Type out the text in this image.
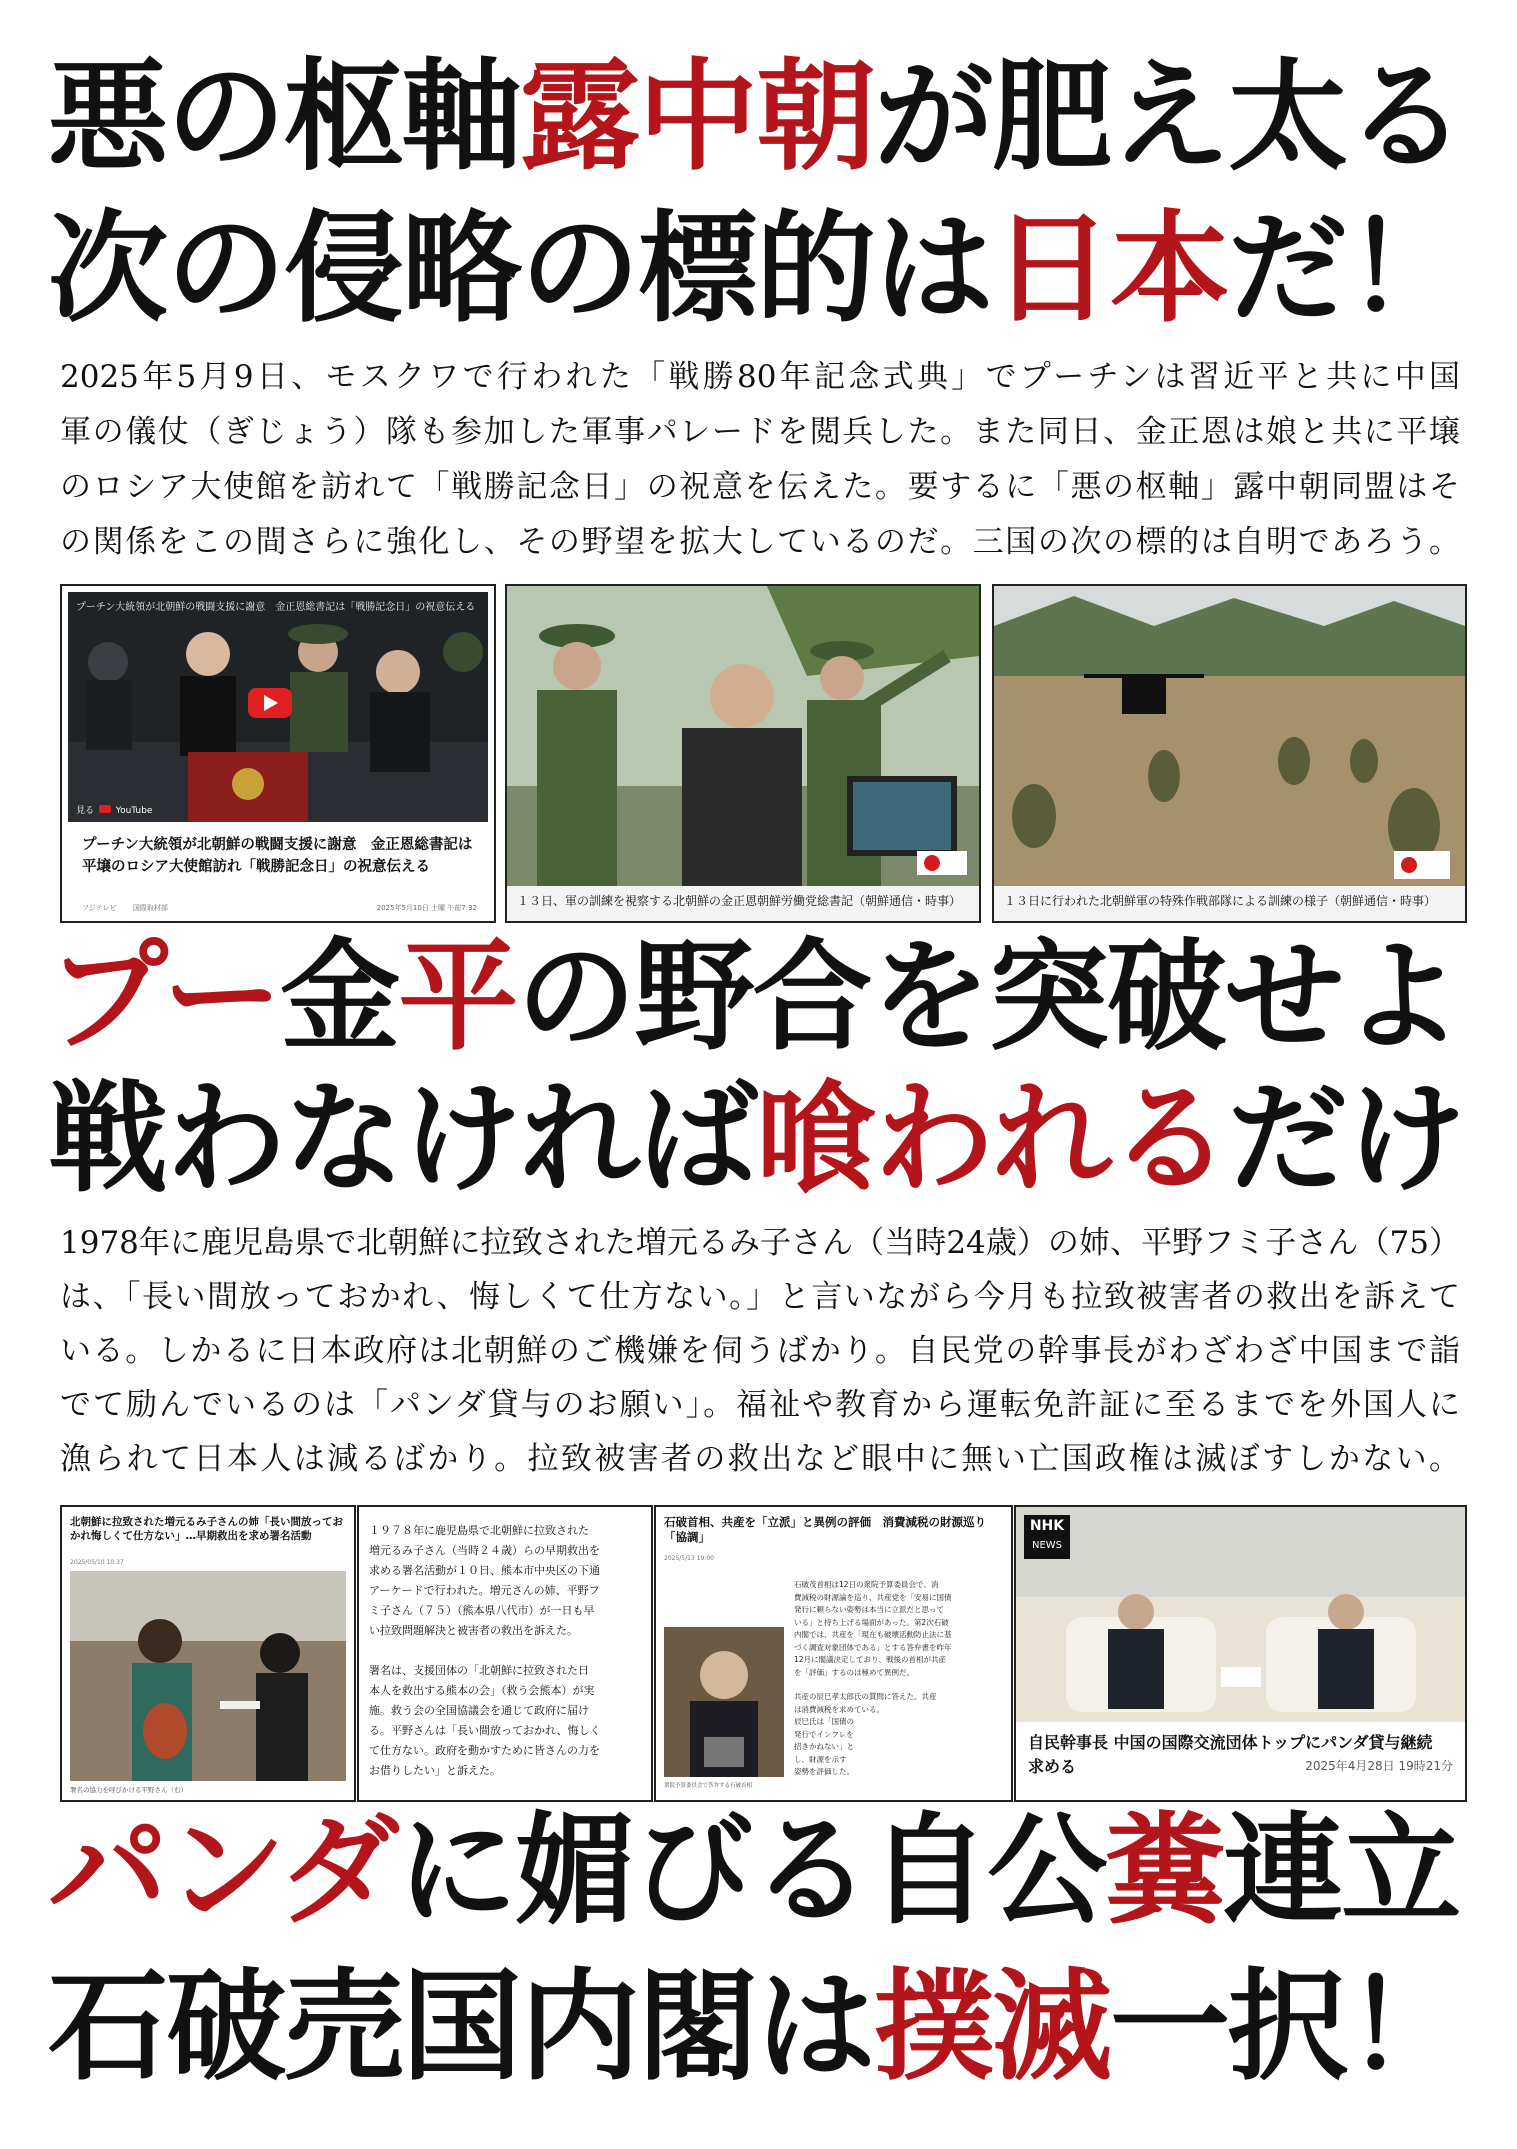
悪の枢軸露中朝が肥え太る
次の侵略の標的は日本だ！

2025年5月9日、モスクワで行われた「戦勝80年記念式典」でプーチンは習近平と共に中国

軍の儀仗（ぎじょう）隊も参加した軍事パレードを閲兵した。また同日、金正恩は娘と共に平壌

のロシア大使館を訪れて「戦勝記念日」の祝意を伝えた。要するに「悪の枢軸」露中朝同盟はそ

の関係をこの間さらに強化し、その野望を拡大しているのだ。三国の次の標的は自明であろう。

プーチン大統領が北朝鮮の戦闘支援に謝意　金正恩総書記は「戦勝記念日」の祝意伝える
見る YouTube
プーチン大統領が北朝鮮の戦闘支援に謝意　金正恩総書記は平壌のロシア大使館訪れ「戦勝記念日」の祝意伝える
フジテレビ 国際取材部	2025年5月10日 土曜 午前7:32	１３日、軍の訓練を視察する北朝鮮の金正恩朝鮮労働党総書記（朝鮮通信・時事）	１３日に行われた北朝鮮軍の特殊作戦部隊による訓練の様子（朝鮮通信・時事）
プー金平の野合を突破せよ
戦わなければ喰われるだけ

1978年に鹿児島県で北朝鮮に拉致された増元るみ子さん（当時24歳）の姉、平野フミ子さん（75）

は、「長い間放っておかれ、悔しくて仕方ない。」と言いながら今月も拉致被害者の救出を訴えて

いる。しかるに日本政府は北朝鮮のご機嫌を伺うばかり。自民党の幹事長がわざわざ中国まで詣

でて励んでいるのは「パンダ貸与のお願い」。福祉や教育から運転免許証に至るまでを外国人に

漁られて日本人は減るばかり。拉致被害者の救出など眼中に無い亡国政権は滅ぼすしかない。

北朝鮮に拉致された増元るみ子さんの姉「長い間放っておかれ悔しくて仕方ない」…早期救出を求め署名活動
2025/05/10 10:37
署名の協力を呼びかける平野さん（右）
１９７８年に鹿児島県で北朝鮮に拉致された
増元るみ子さん（当時２４歳）らの早期救出を
求める署名活動が１０日、熊本市中央区の下通
アーケードで行われた。増元さんの姉、平野フ
ミ子さん（７５）（熊本県八代市）が一日も早
い拉致問題解決と被害者の救出を訴えた。
署名は、支援団体の「北朝鮮に拉致された日
本人を救出する熊本の会」（救う会熊本）が実
施。救う会の全国協議会を通じて政府に届け
る。平野さんは「長い間放っておかれ、悔しく
て仕方ない。政府を動かすために皆さんの力を
お借りしたい」と訴えた。
石破首相、共産を「立派」と異例の評価　消費減税の財源巡り「協調」
2025/5/13 19:00
衆院予算委員会で答弁する石破首相
石破茂首相は12日の衆院予算委員会で、消
費減税の財源論を巡り、共産党を「安易に国債
発行に頼らない姿勢は本当に立派だと思って
いる」と持ち上げる場面があった。第2次石破
内閣では、共産を「現在も破壊活動防止法に基
づく調査対象団体である」とする答弁書を昨年
12月に閣議決定しており、戦後の首相が共産
を「評価」するのは極めて異例だ。
共産の辰巳孝太郎氏の質問に答えた。共産
は消費減税を求めている。
辰巳氏は「国債の
発行でインフレを
招きかねない」と
し、財源を示す
姿勢を評価した。
NHK
NEWS
自民幹事長 中国の国際交流団体トップにパンダ貸与継続 求める	2025年4月28日 19時21分
パンダに媚びる自公糞連立
石破売国内閣は撲滅一択！
